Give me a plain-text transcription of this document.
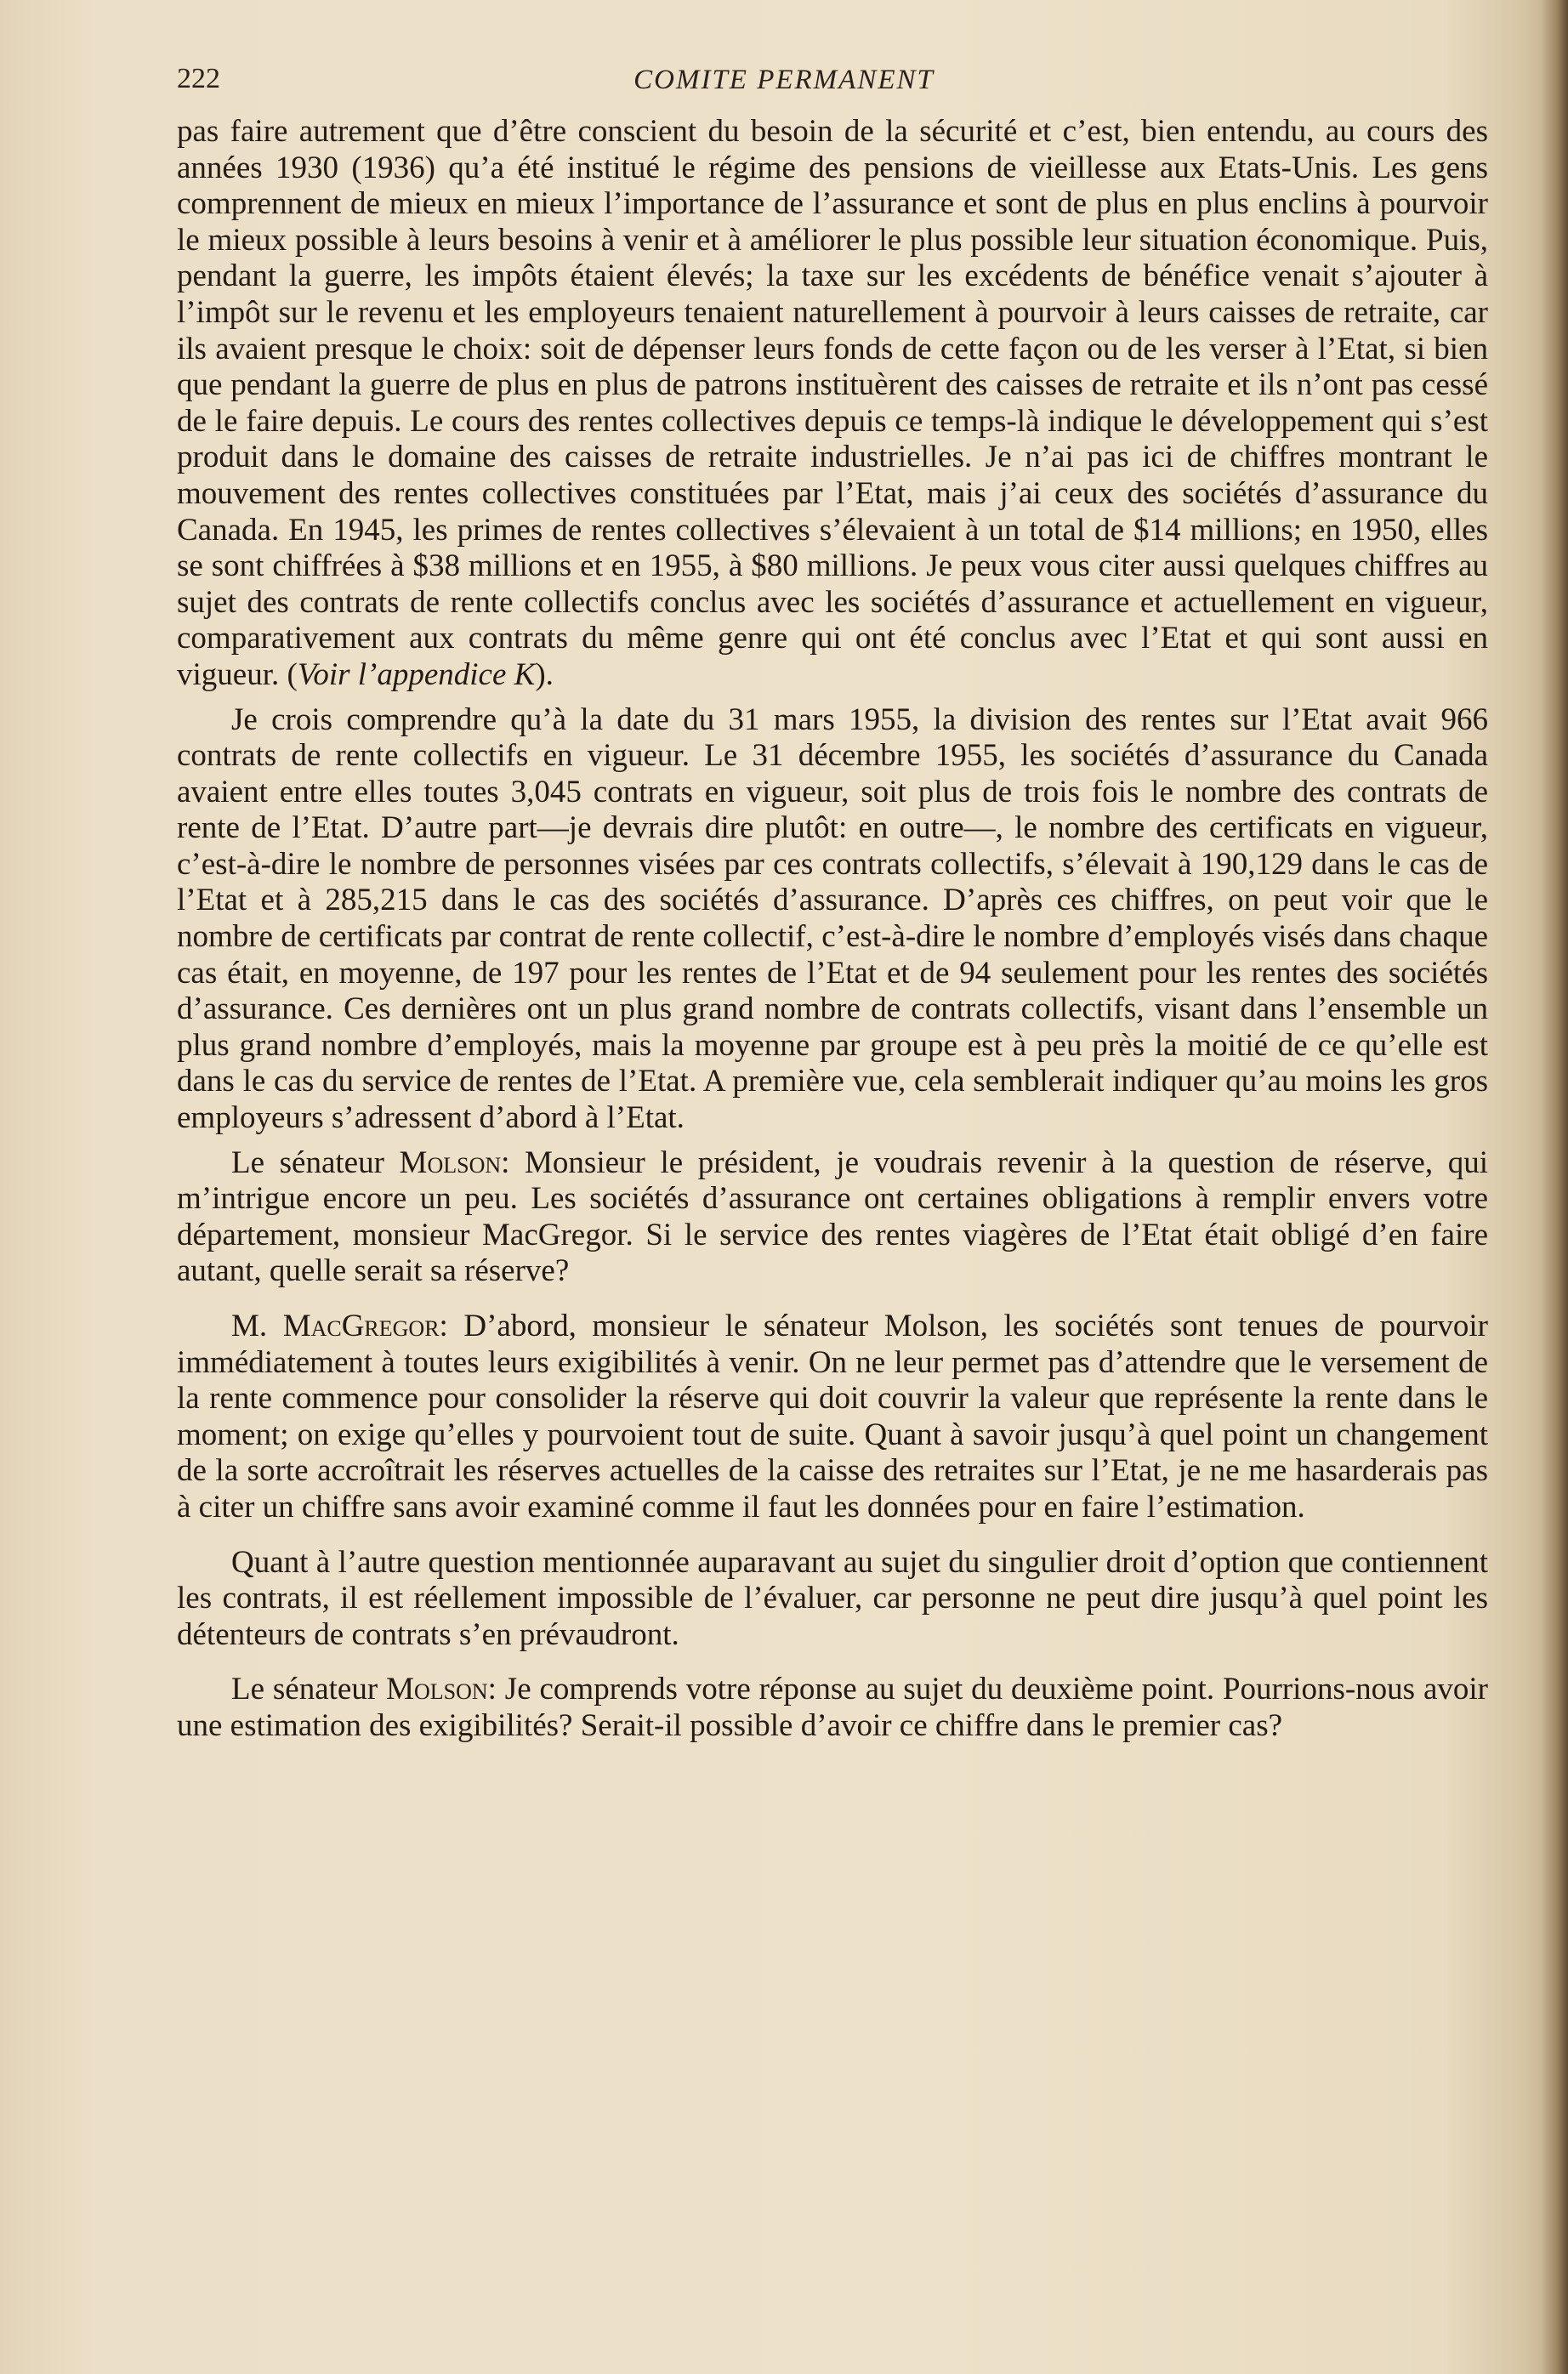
222	COMITE PERMANENT

pas faire autrement que d’être conscient du besoin de la sécurité et c’est, bien entendu, au cours des années 1930 (1936) qu’a été institué le régime des pensions de vieillesse aux Etats-Unis. Les gens comprennent de mieux en mieux l’importance de l’assurance et sont de plus en plus enclins à pourvoir le mieux possible à leurs besoins à venir et à améliorer le plus possible leur situation économique. Puis, pendant la guerre, les impôts étaient élevés; la taxe sur les excédents de bénéfice venait s’ajouter à l’impôt sur le revenu et les employeurs tenaient naturellement à pourvoir à leurs caisses de retraite, car ils avaient presque le choix: soit de dépenser leurs fonds de cette façon ou de les verser à l’Etat, si bien que pendant la guerre de plus en plus de patrons instituèrent des caisses de retraite et ils n’ont pas cessé de le faire depuis. Le cours des rentes collectives depuis ce temps-là indique le développement qui s’est produit dans le domaine des caisses de retraite industrielles. Je n’ai pas ici de chiffres montrant le mouvement des rentes collectives constituées par l’Etat, mais j’ai ceux des sociétés d’assurance du Canada. En 1945, les primes de rentes collectives s’élevaient à un total de $14 millions; en 1950, elles se sont chiffrées à $38 millions et en 1955, à $80 millions. Je peux vous citer aussi quelques chiffres au sujet des contrats de rente collectifs conclus avec les sociétés d’assurance et actuellement en vigueur, comparativement aux contrats du même genre qui ont été conclus avec l’Etat et qui sont aussi en vigueur. (Voir l’appendice K).

Je crois comprendre qu’à la date du 31 mars 1955, la division des rentes sur l’Etat avait 966 contrats de rente collectifs en vigueur. Le 31 décembre 1955, les sociétés d’assurance du Canada avaient entre elles toutes 3,045 contrats en vigueur, soit plus de trois fois le nombre des contrats de rente de l’Etat. D’autre part—je devrais dire plutôt: en outre—, le nombre des certificats en vigueur, c’est-à-dire le nombre de personnes visées par ces contrats collectifs, s’élevait à 190,129 dans le cas de l’Etat et à 285,215 dans le cas des sociétés d’assurance. D’après ces chiffres, on peut voir que le nombre de certificats par contrat de rente collectif, c’est-à-dire le nombre d’employés visés dans chaque cas était, en moyenne, de 197 pour les rentes de l’Etat et de 94 seulement pour les rentes des sociétés d’assurance. Ces dernières ont un plus grand nombre de contrats collectifs, visant dans l’ensemble un plus grand nombre d’employés, mais la moyenne par groupe est à peu près la moitié de ce qu’elle est dans le cas du service de rentes de l’Etat. A première vue, cela semblerait indiquer qu’au moins les gros employeurs s’adressent d’abord à l’Etat.

Le sénateur Molson: Monsieur le président, je voudrais revenir à la question de réserve, qui m’intrigue encore un peu. Les sociétés d’assurance ont certaines obligations à remplir envers votre département, monsieur MacGregor. Si le service des rentes viagères de l’Etat était obligé d’en faire autant, quelle serait sa réserve?

M. MacGregor: D’abord, monsieur le sénateur Molson, les sociétés sont tenues de pourvoir immédiatement à toutes leurs exigibilités à venir. On ne leur permet pas d’attendre que le versement de la rente commence pour consolider la réserve qui doit couvrir la valeur que représente la rente dans le moment; on exige qu’elles y pourvoient tout de suite. Quant à savoir jusqu’à quel point un changement de la sorte accroîtrait les réserves actuelles de la caisse des retraites sur l’Etat, je ne me hasarderais pas à citer un chiffre sans avoir examiné comme il faut les données pour en faire l’estimation.

Quant à l’autre question mentionnée auparavant au sujet du singulier droit d’option que contiennent les contrats, il est réellement impossible de l’évaluer, car personne ne peut dire jusqu’à quel point les détenteurs de contrats s’en prévaudront.

Le sénateur Molson: Je comprends votre réponse au sujet du deuxième point. Pourrions-nous avoir une estimation des exigibilités? Serait-il possible d’avoir ce chiffre dans le premier cas?
